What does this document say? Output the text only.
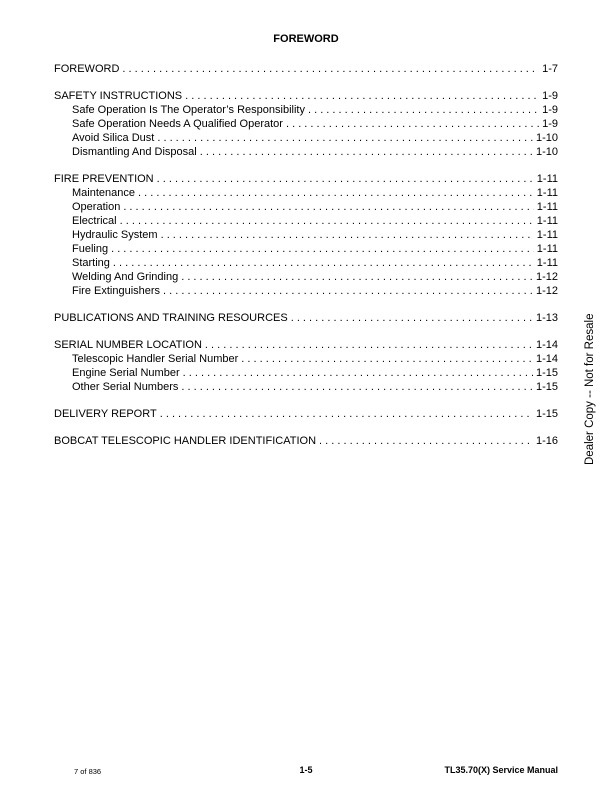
FOREWORD
FOREWORD . . .	1-7
SAFETY INSTRUCTIONS . . .	1-9
Safe Operation Is The Operator’s Responsibility . . .	1-9
Safe Operation Needs A Qualified Operator . . .	1-9
Avoid Silica Dust . . .	1-10
Dismantling And Disposal . . .	1-10
FIRE PREVENTION . . .	1-11
Maintenance . . .	1-11
Operation . . .	1-11
Electrical . . .	1-11
Hydraulic System . . .	1-11
Fueling . . .	1-11
Starting . . .	1-11
Welding And Grinding . . .	1-12
Fire Extinguishers . . .	1-12
PUBLICATIONS AND TRAINING RESOURCES . . .	1-13
SERIAL NUMBER LOCATION . . .	1-14
Telescopic Handler Serial Number . . .	1-14
Engine Serial Number . . .	1-15
Other Serial Numbers . . .	1-15
DELIVERY REPORT . . .	1-15
BOBCAT TELESCOPIC HANDLER IDENTIFICATION . . .	1-16 Dealer Copy -- Not for Resale
7 of 836	1-5	TL35.70(X) Service Manual
